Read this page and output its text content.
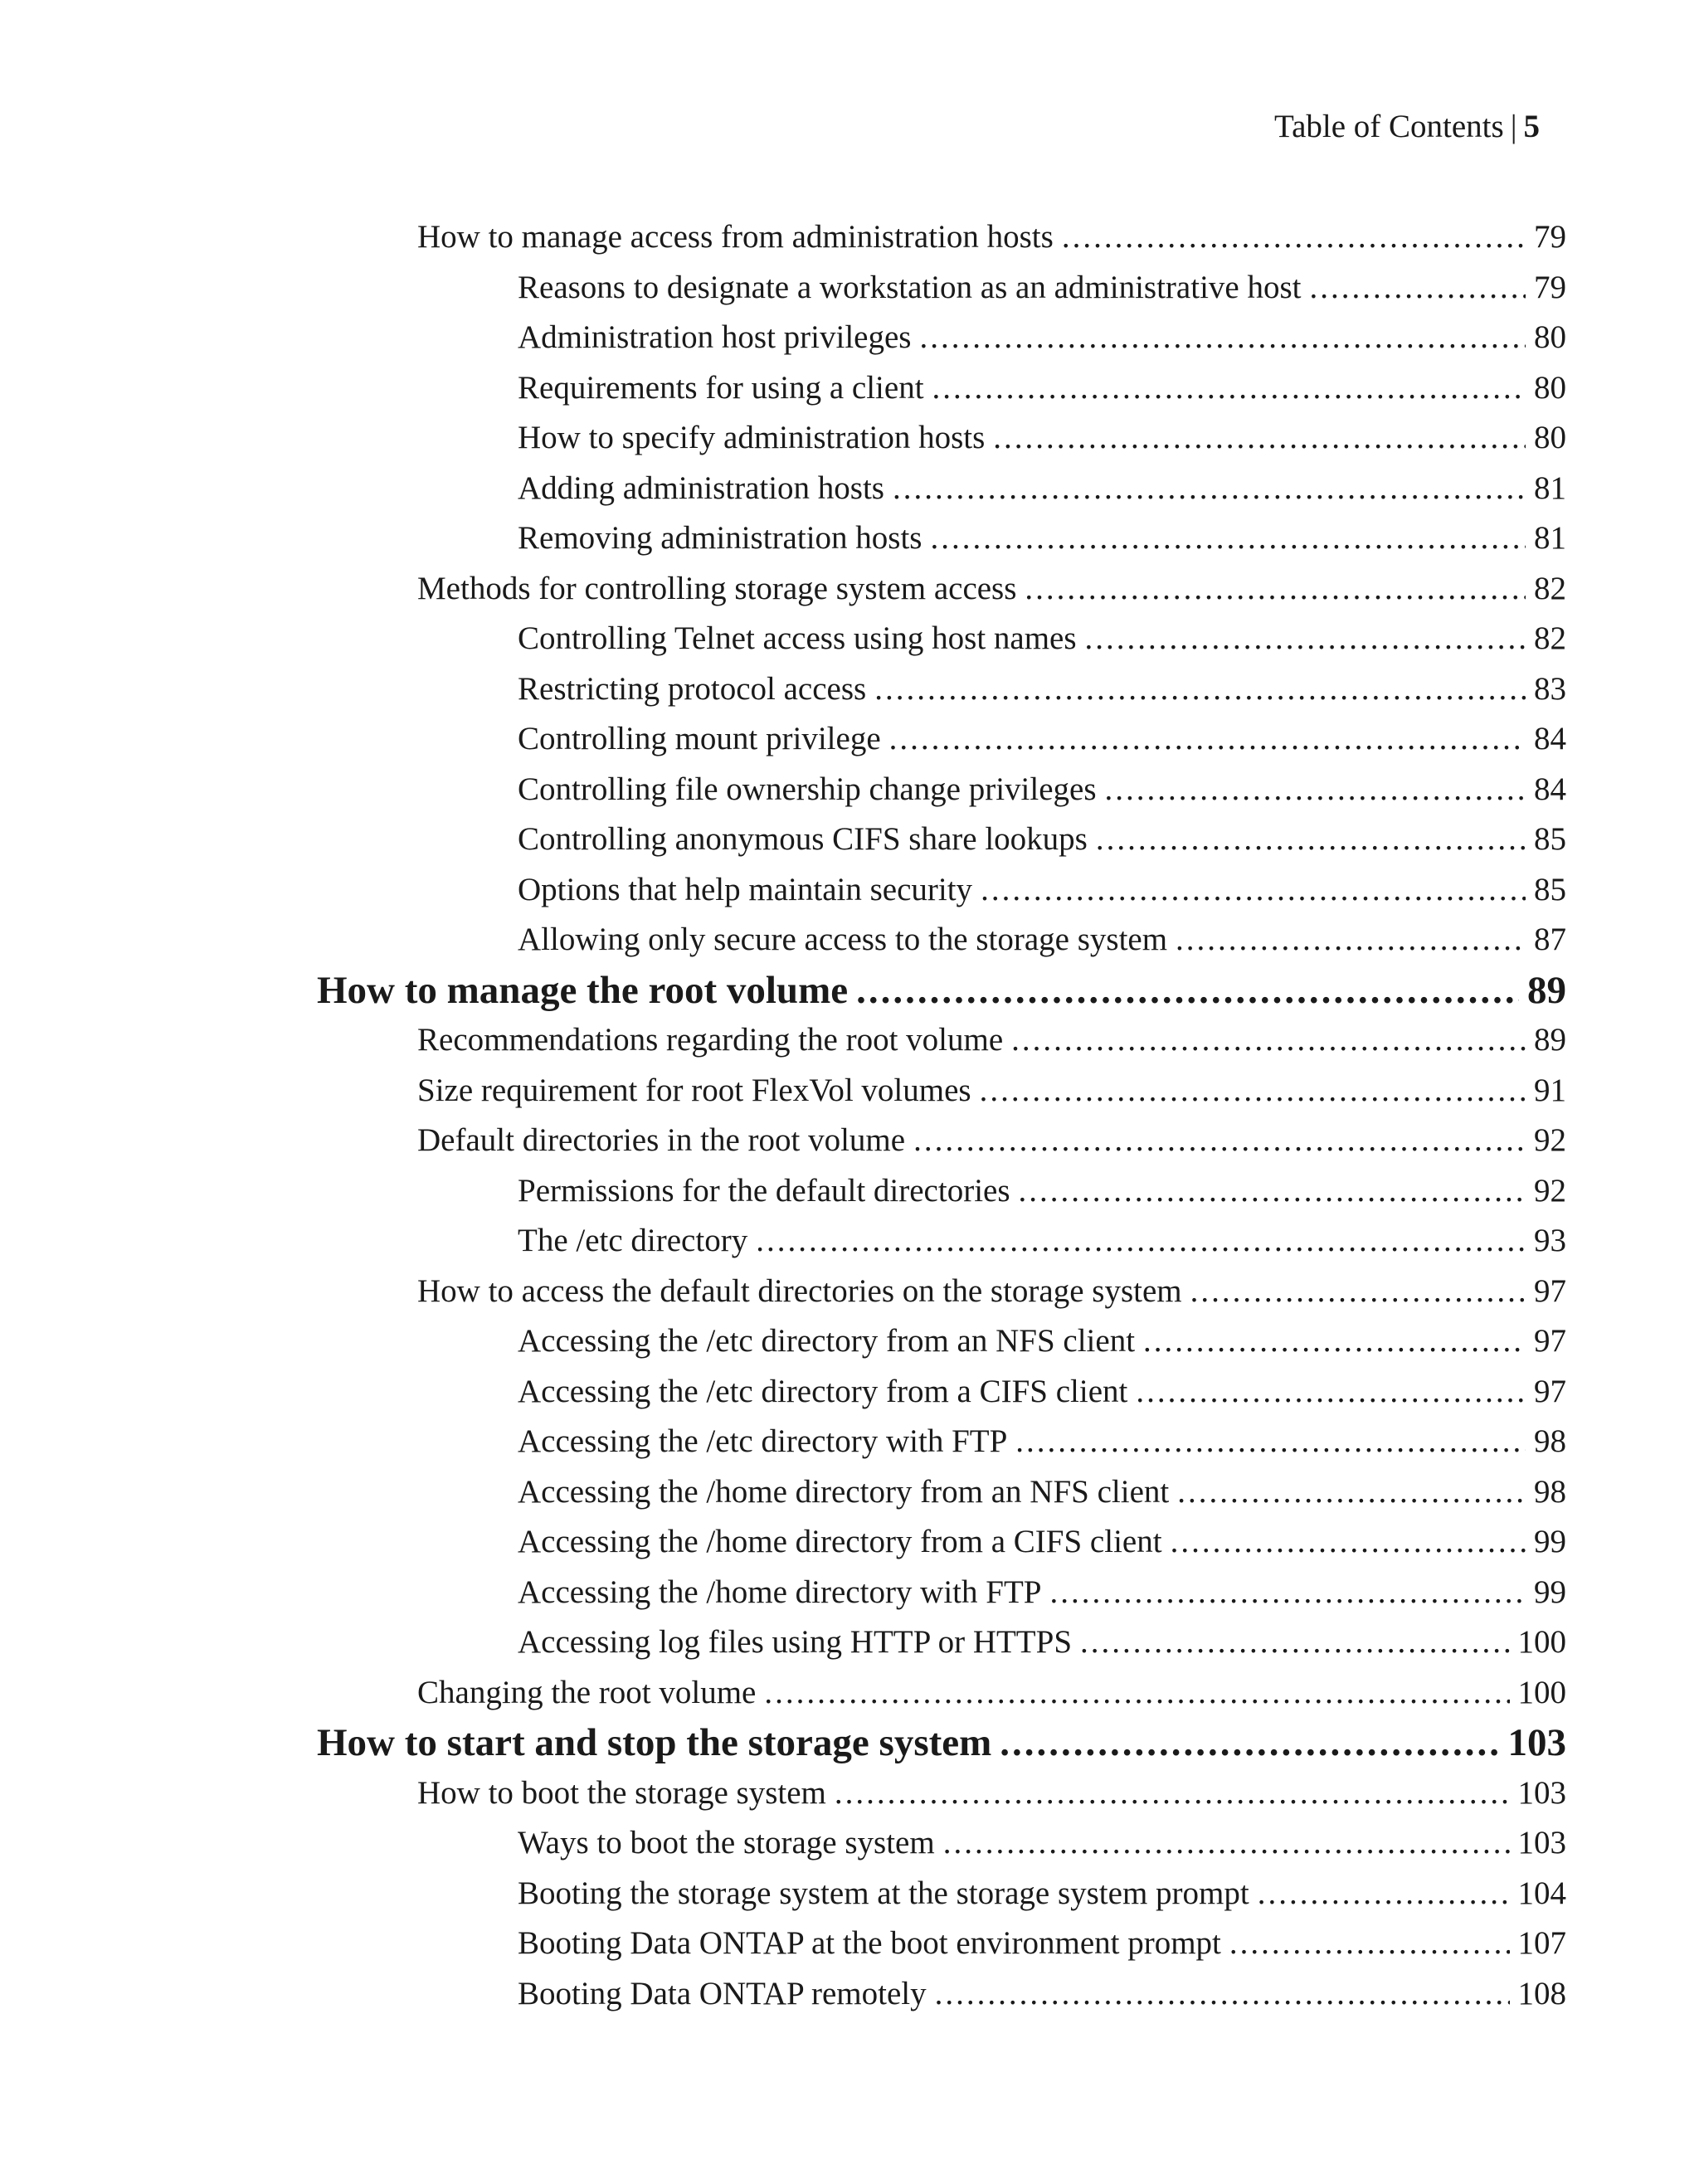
Table of Contents | 5
How to manage access from administration hosts .....	79
Reasons to designate a workstation as an administrative host .....	79
Administration host privileges .....	80
Requirements for using a client .....	80
How to specify administration hosts .....	80
Adding administration hosts .....	81
Removing administration hosts .....	81
Methods for controlling storage system access .....	82
Controlling Telnet access using host names .....	82
Restricting protocol access .....	83
Controlling mount privilege .....	84
Controlling file ownership change privileges .....	84
Controlling anonymous CIFS share lookups .....	85
Options that help maintain security .....	85
Allowing only secure access to the storage system .....	87
How to manage the root volume .....	89
Recommendations regarding the root volume .....	89
Size requirement for root FlexVol volumes .....	91
Default directories in the root volume .....	92
Permissions for the default directories .....	92
The /etc directory .....	93
How to access the default directories on the storage system .....	97
Accessing the /etc directory from an NFS client .....	97
Accessing the /etc directory from a CIFS client .....	97
Accessing the /etc directory with FTP .....	98
Accessing the /home directory from an NFS client .....	98
Accessing the /home directory from a CIFS client .....	99
Accessing the /home directory with FTP .....	99
Accessing log files using HTTP or HTTPS .....	100
Changing the root volume .....	100
How to start and stop the storage system .....	103
How to boot the storage system .....	103
Ways to boot the storage system .....	103
Booting the storage system at the storage system prompt .....	104
Booting Data ONTAP at the boot environment prompt .....	107
Booting Data ONTAP remotely .....	108
